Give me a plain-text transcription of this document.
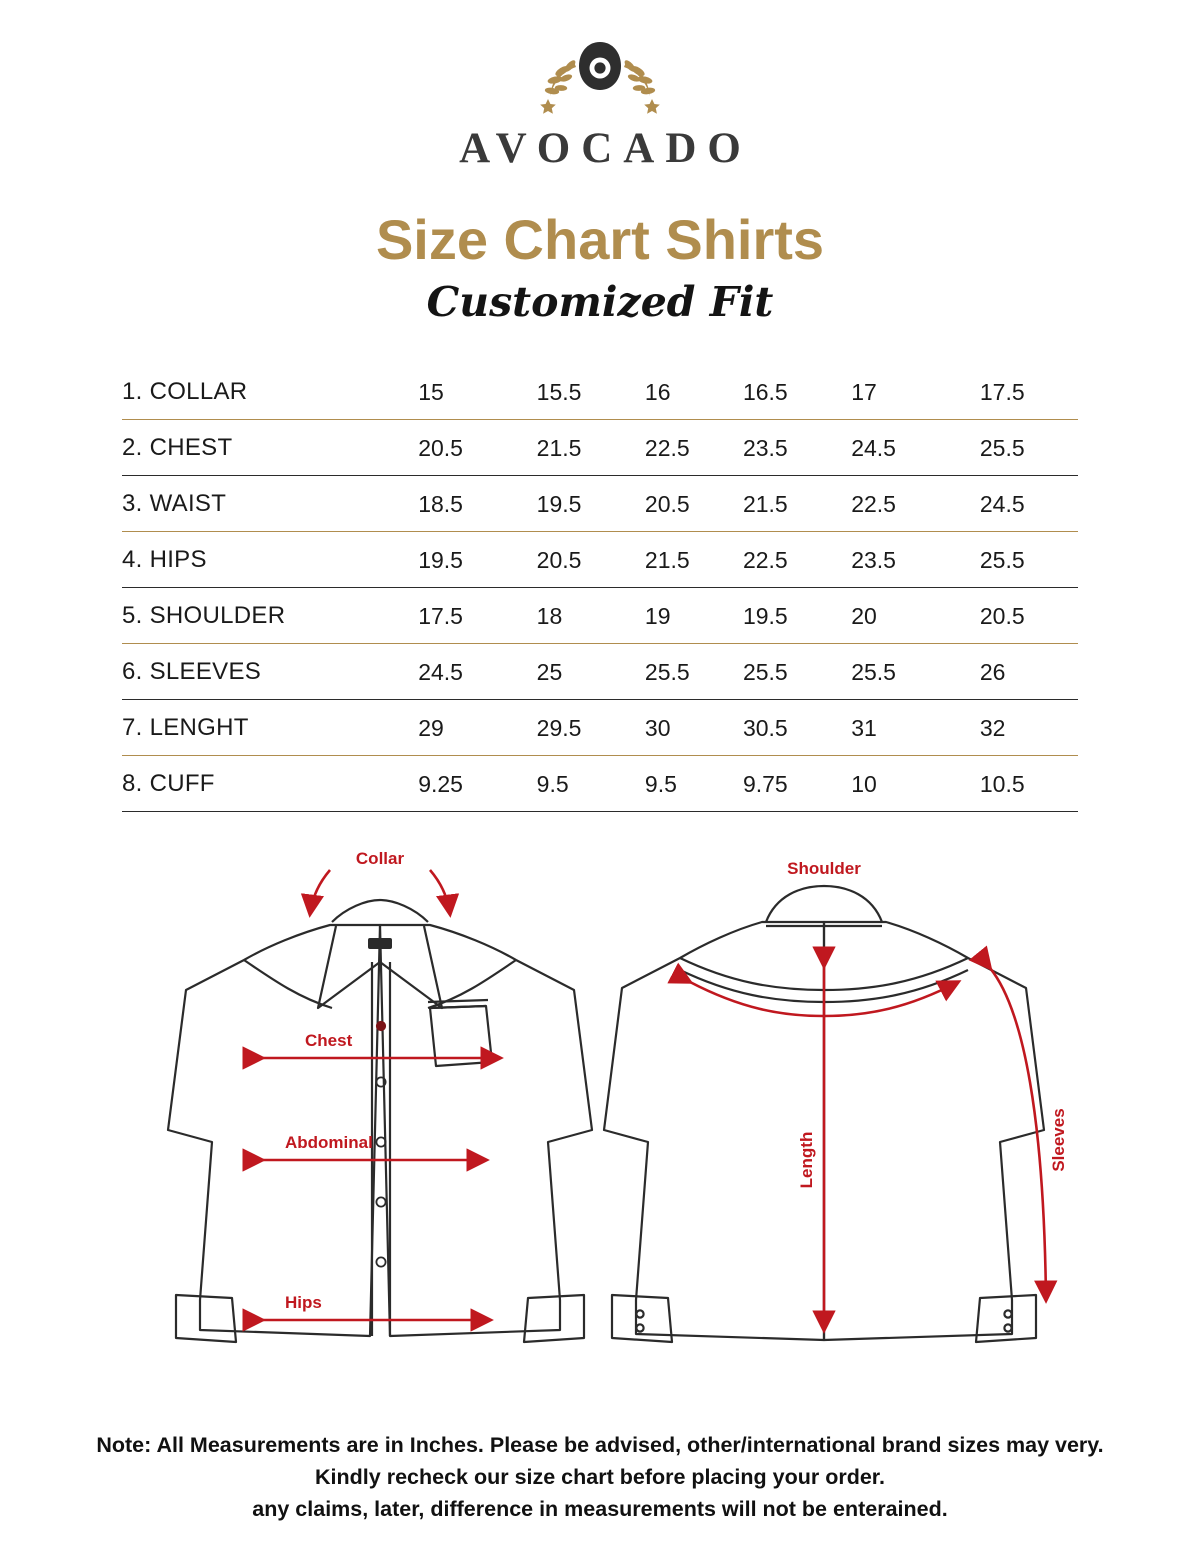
AVOCADO
Size Chart Shirts
Customized Fit
1. COLLAR	15	15.5	16	16.5	17	17.5
2. CHEST	20.5	21.5	22.5	23.5	24.5	25.5
3. WAIST	18.5	19.5	20.5	21.5	22.5	24.5
4. HIPS	19.5	20.5	21.5	22.5	23.5	25.5
5. SHOULDER	17.5	18	19	19.5	20	20.5
6. SLEEVES	24.5	25	25.5	25.5	25.5	26
7. LENGHT	29	29.5	30	30.5	31	32
8. CUFF	9.25	9.5	9.5	9.75	10	10.5
Collar
Chest
Abdominal
Hips
Shoulder
Length	Sleeves
Note: All Measurements are in Inches. Please be advised, other/international brand sizes may very.
Kindly recheck our size chart before placing your order.
any claims, later, difference in measurements will not be enterained.
